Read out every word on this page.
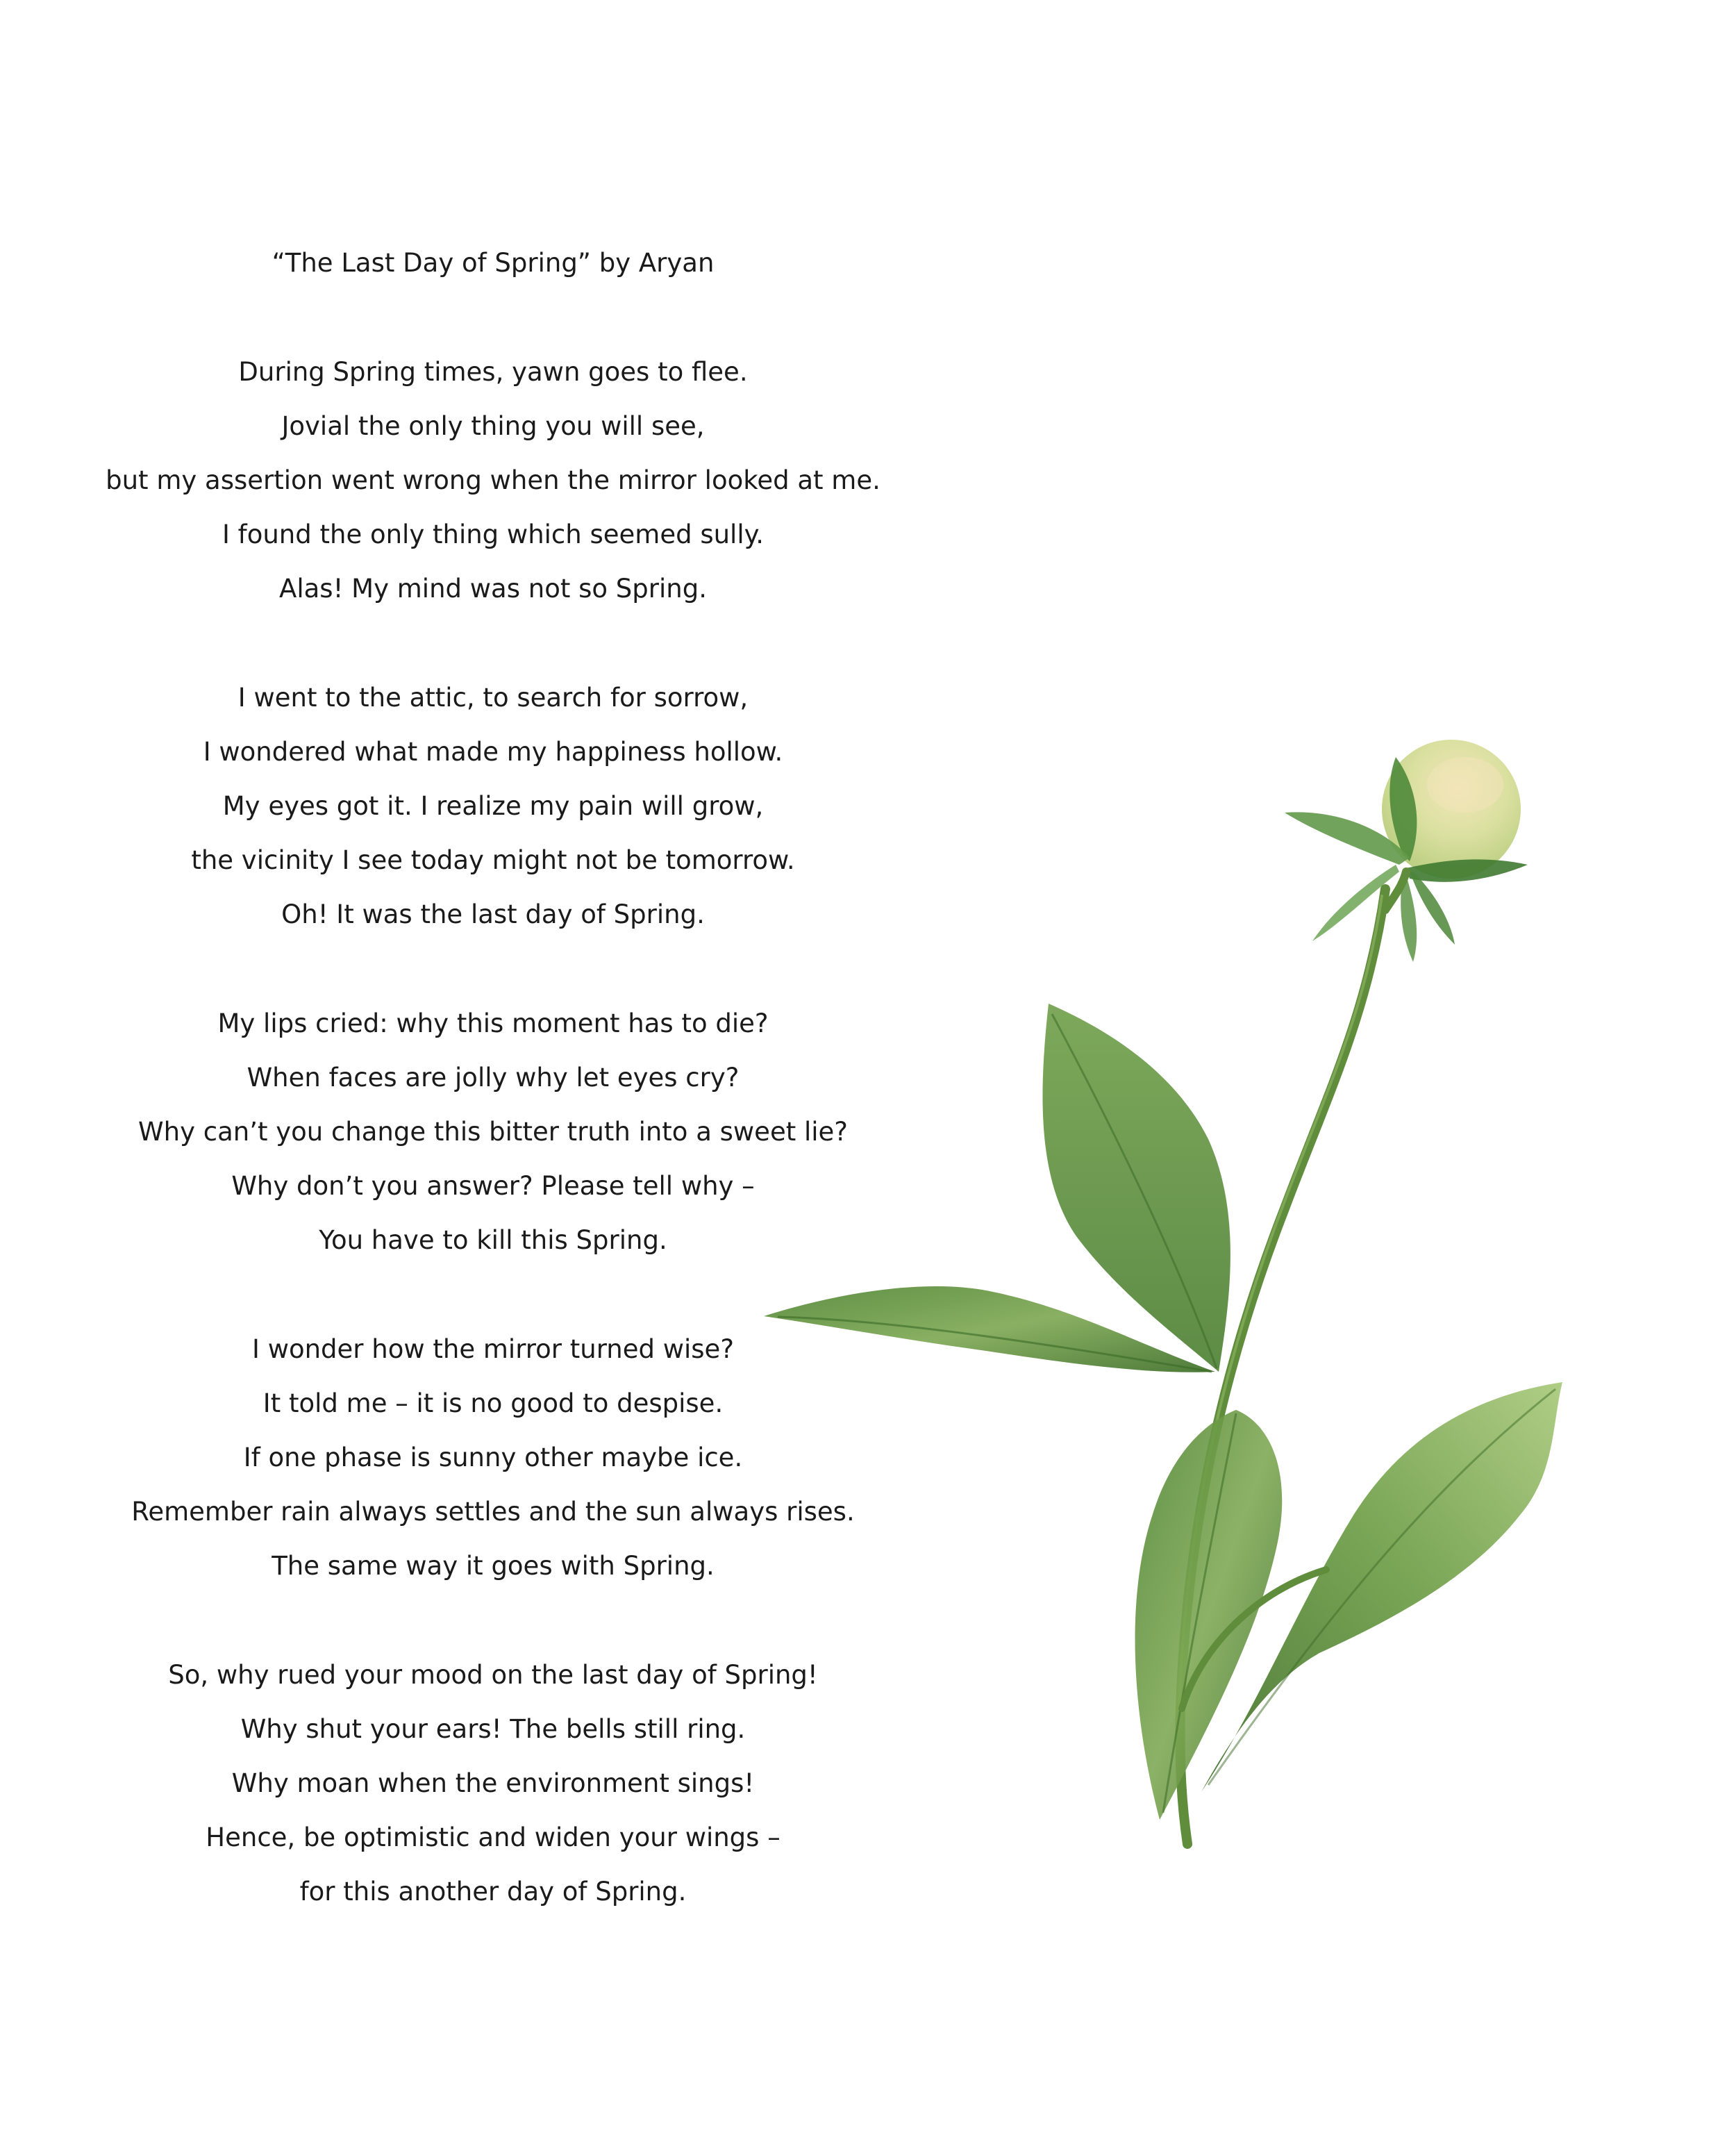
“The Last Day of Spring” by Aryan
During Spring times, yawn goes to flee.
Jovial the only thing you will see,
but my assertion went wrong when the mirror looked at me.
I found the only thing which seemed sully.
Alas! My mind was not so Spring.
I went to the attic, to search for sorrow,
I wondered what made my happiness hollow.
My eyes got it. I realize my pain will grow,
the vicinity I see today might not be tomorrow.
Oh! It was the last day of Spring.
My lips cried: why this moment has to die?
When faces are jolly why let eyes cry?
Why can’t you change this bitter truth into a sweet lie?
Why don’t you answer? Please tell why –
You have to kill this Spring.
I wonder how the mirror turned wise?
It told me – it is no good to despise.
If one phase is sunny other maybe ice.
Remember rain always settles and the sun always rises.
The same way it goes with Spring.
So, why rued your mood on the last day of Spring!
Why shut your ears! The bells still ring.
Why moan when the environment sings!
Hence, be optimistic and widen your wings –
for this another day of Spring.
